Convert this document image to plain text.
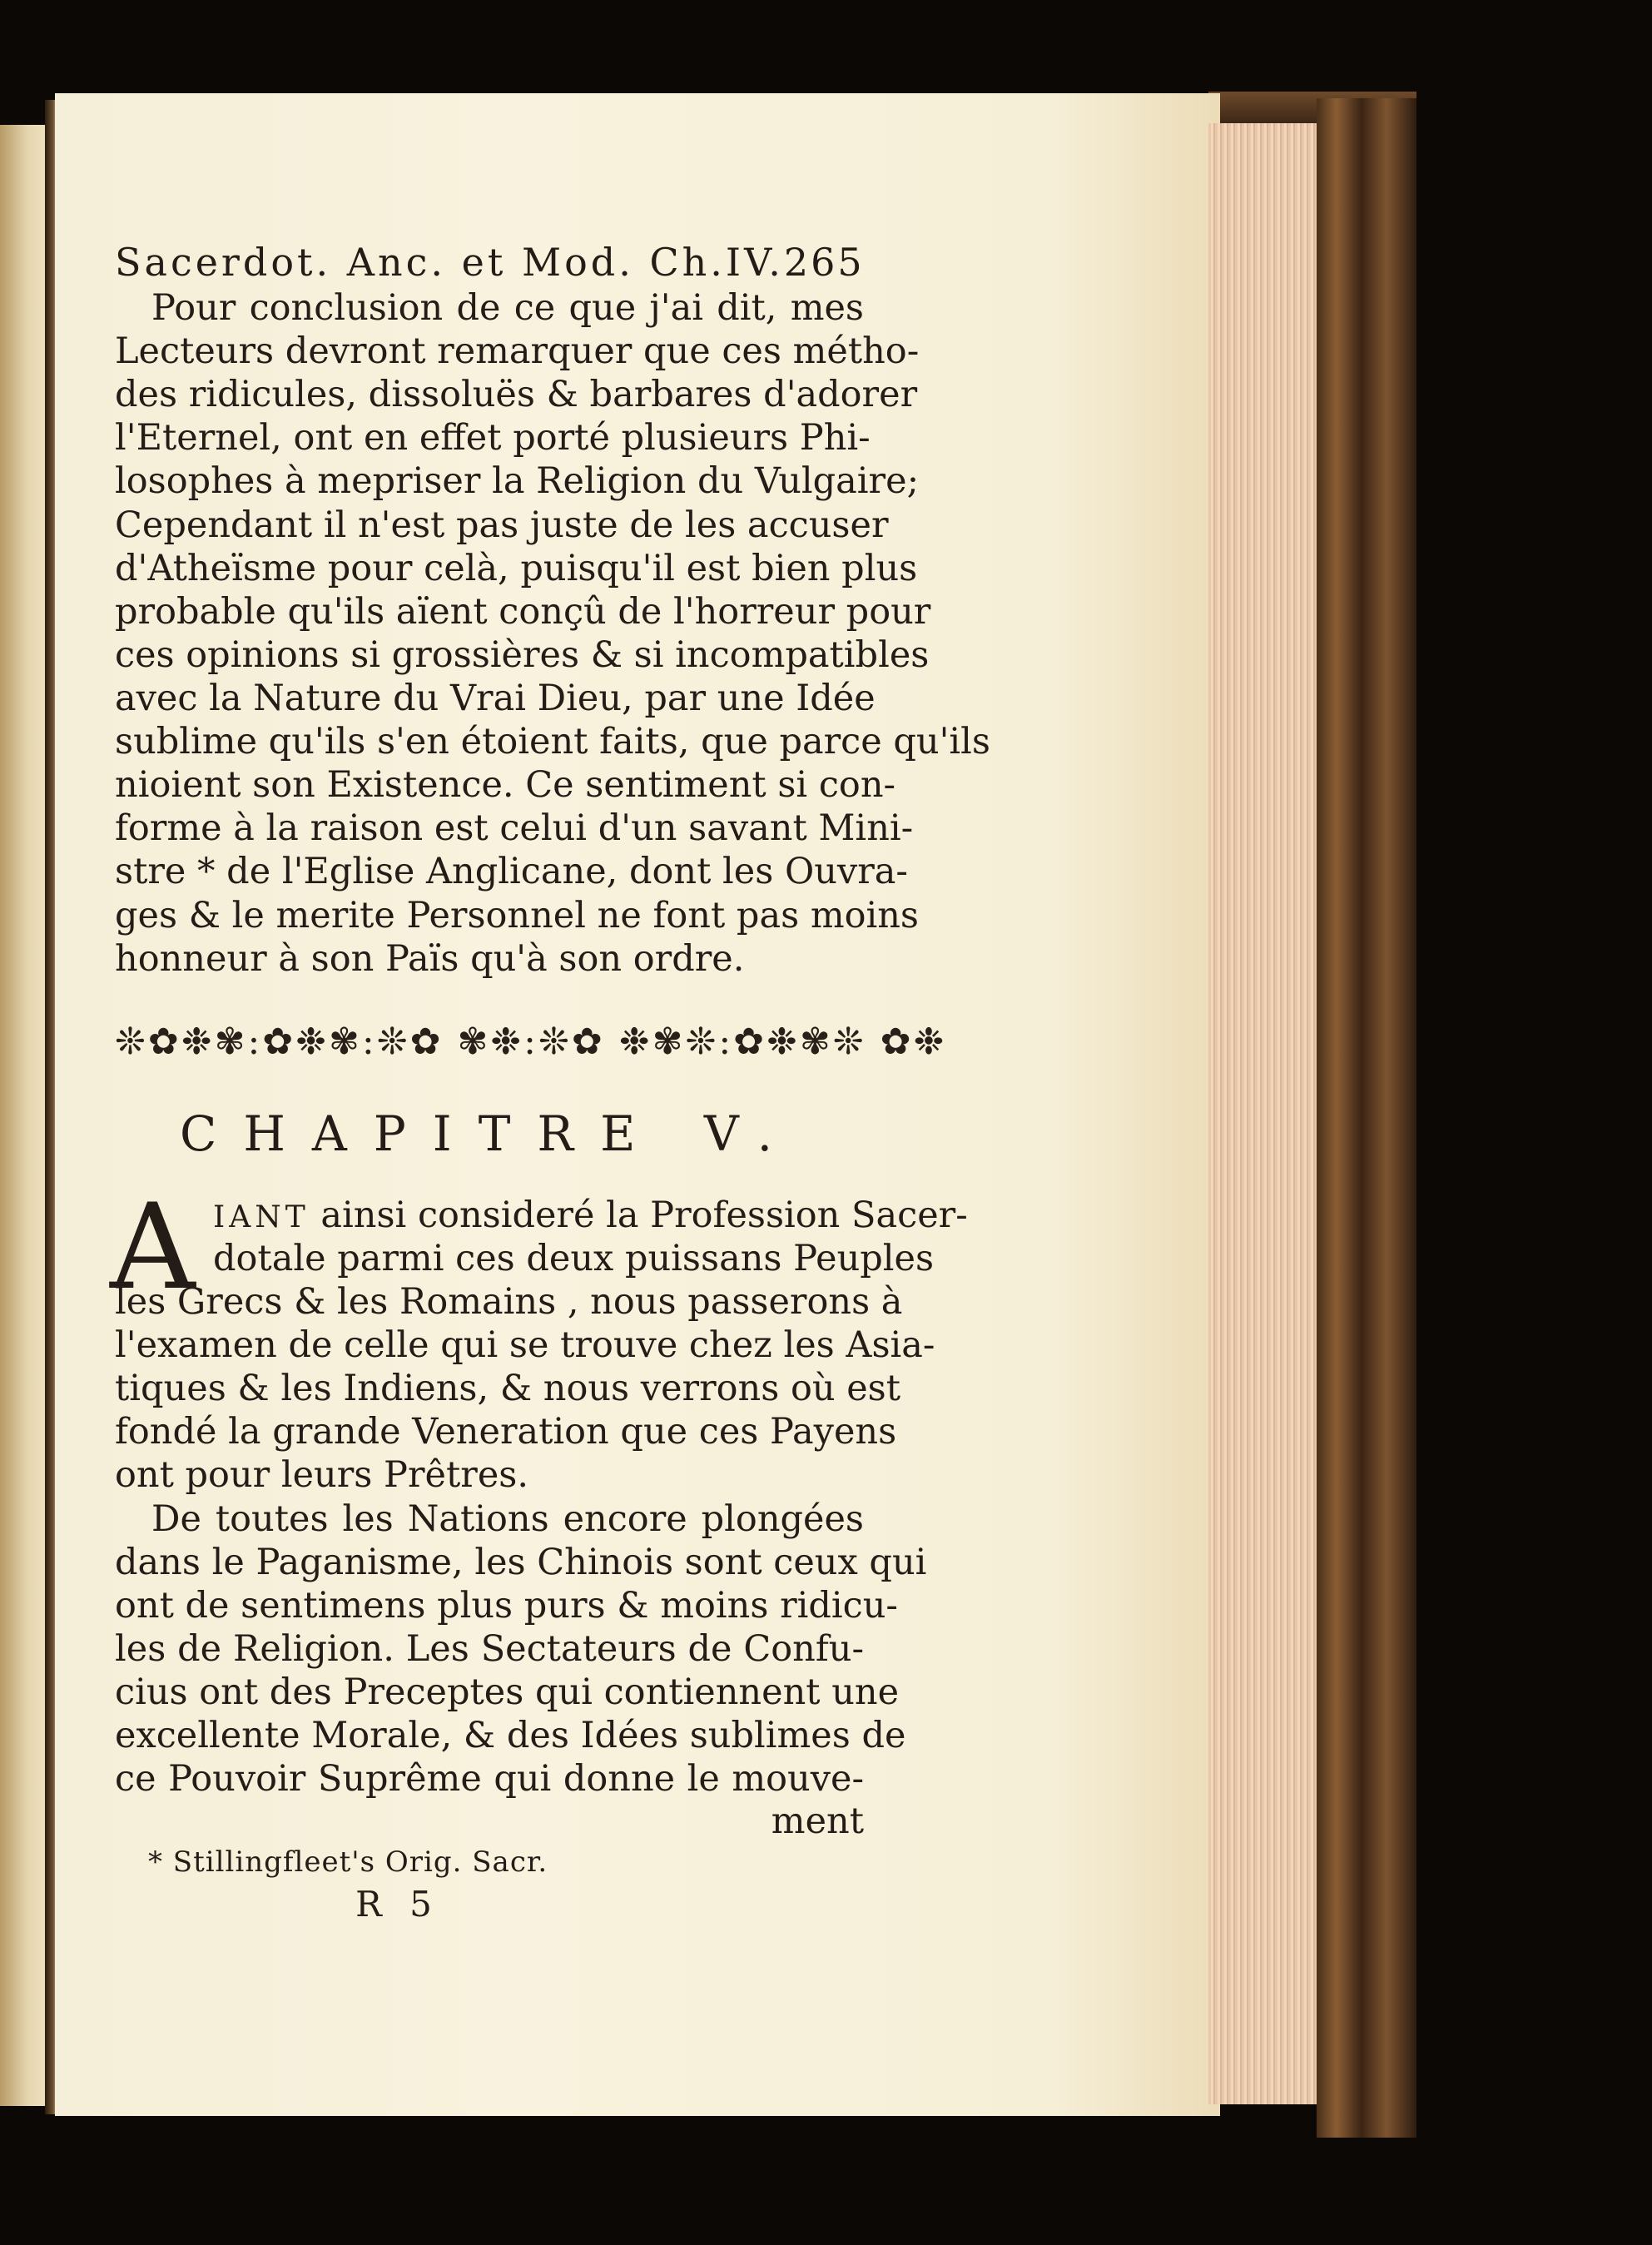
Sacerdot. Anc. et Mod. Ch.IV. 265
Pour conclusion de ce que j'ai dit, mes
Lecteurs devront remarquer que ces métho-
des ridicules, dissoluës & barbares d'adorer
l'Eternel, ont en effet porté plusieurs Phi-
losophes à mepriser la Religion du Vulgaire;
Cependant il n'est pas juste de les accuser
d'Atheïsme pour celà, puisqu'il est bien plus
probable qu'ils aïent conçû de l'horreur pour
ces opinions si grossières & si incompatibles
avec la Nature du Vrai Dieu, par une Idée
sublime qu'ils s'en étoient faits, que parce qu'ils
nioient son Existence. Ce sentiment si con-
forme à la raison est celui d'un savant Mini-
stre * de l'Eglise Anglicane, dont les Ouvra-
ges & le merite Personnel ne font pas moins
honneur à son Païs qu'à son ordre.
❊✿❉✾:✿❉✾:❊✿ ✾❉:❊✿ ❉✾❊:✿❉✾❊ ✿❉
CHAPITRE V.
A IANT ainsi consideré la Profession Sacer-
dotale parmi ces deux puissans Peuples
les Grecs & les Romains , nous passerons à
l'examen de celle qui se trouve chez les Asia-
tiques & les Indiens, & nous verrons où est
fondé la grande Veneration que ces Payens
ont pour leurs Prêtres.
De toutes les Nations encore plongées
dans le Paganisme, les Chinois sont ceux qui
ont de sentimens plus purs & moins ridicu-
les de Religion. Les Sectateurs de Confu-
cius ont des Preceptes qui contiennent une
excellente Morale, & des Idées sublimes de
ce Pouvoir Suprême qui donne le mouve-
ment
* Stillingfleet's Orig. Sacr.
R 5
